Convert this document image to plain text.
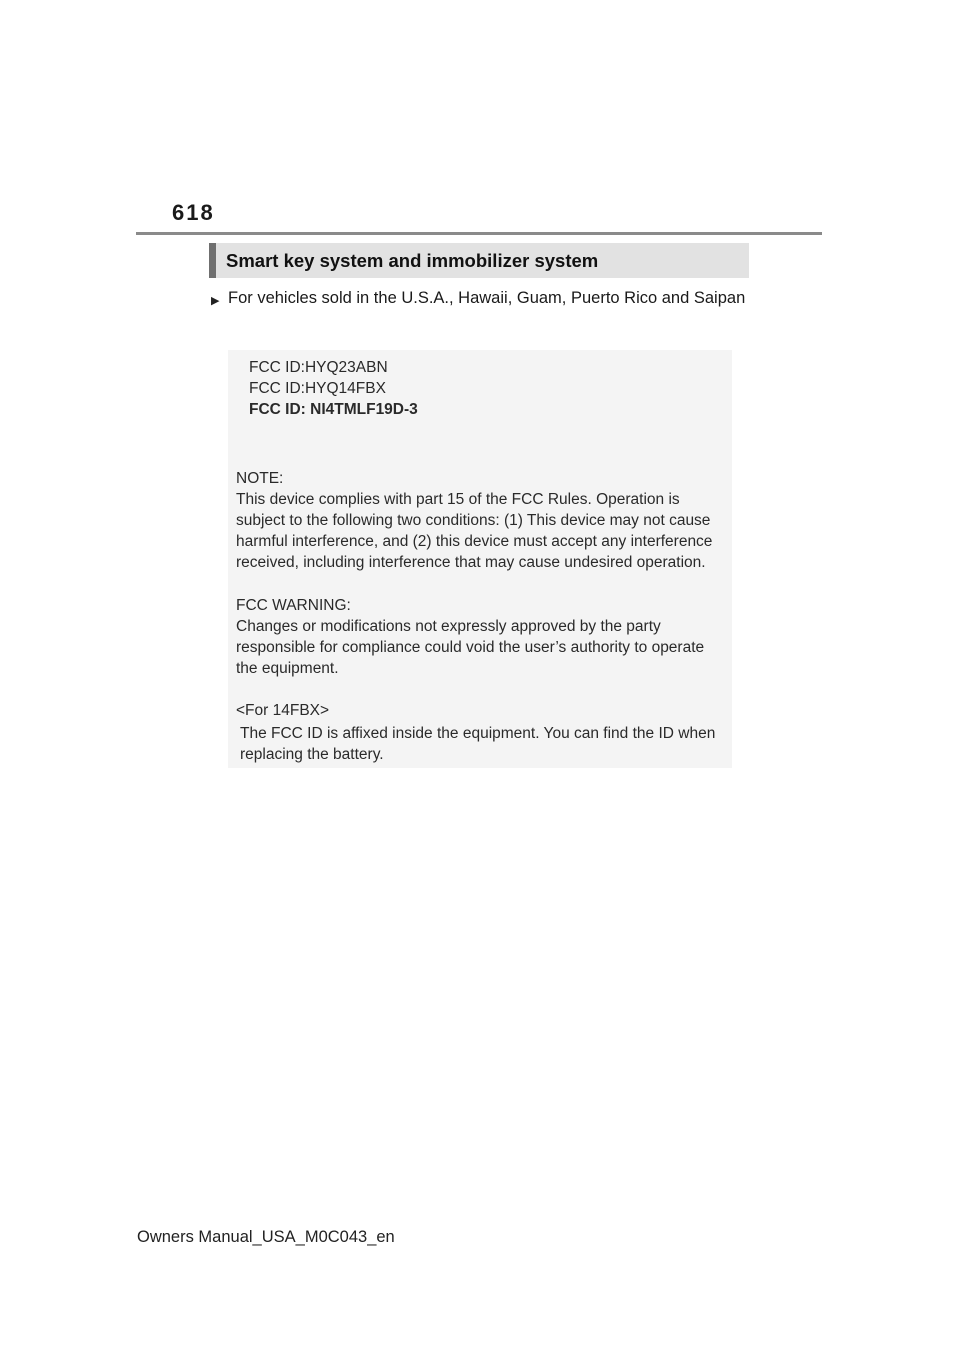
618
Smart key system and immobilizer system
▶ For vehicles sold in the U.S.A., Hawaii, Guam, Puerto Rico and Saipan
FCC ID:HYQ23ABN
FCC ID:HYQ14FBX
FCC ID: NI4TMLF19D-3
NOTE:
This device complies with part 15 of the FCC Rules. Operation is subject to the following two conditions: (1) This device may not cause harmful interference, and (2) this device must accept any interference received, including interference that may cause undesired operation.
FCC WARNING:
Changes or modifications not expressly approved by the party responsible for compliance could void the user’s authority to operate the equipment.
<For 14FBX>
The FCC ID is affixed inside the equipment. You can find the ID when replacing the battery.
Owners Manual_USA_M0C043_en
